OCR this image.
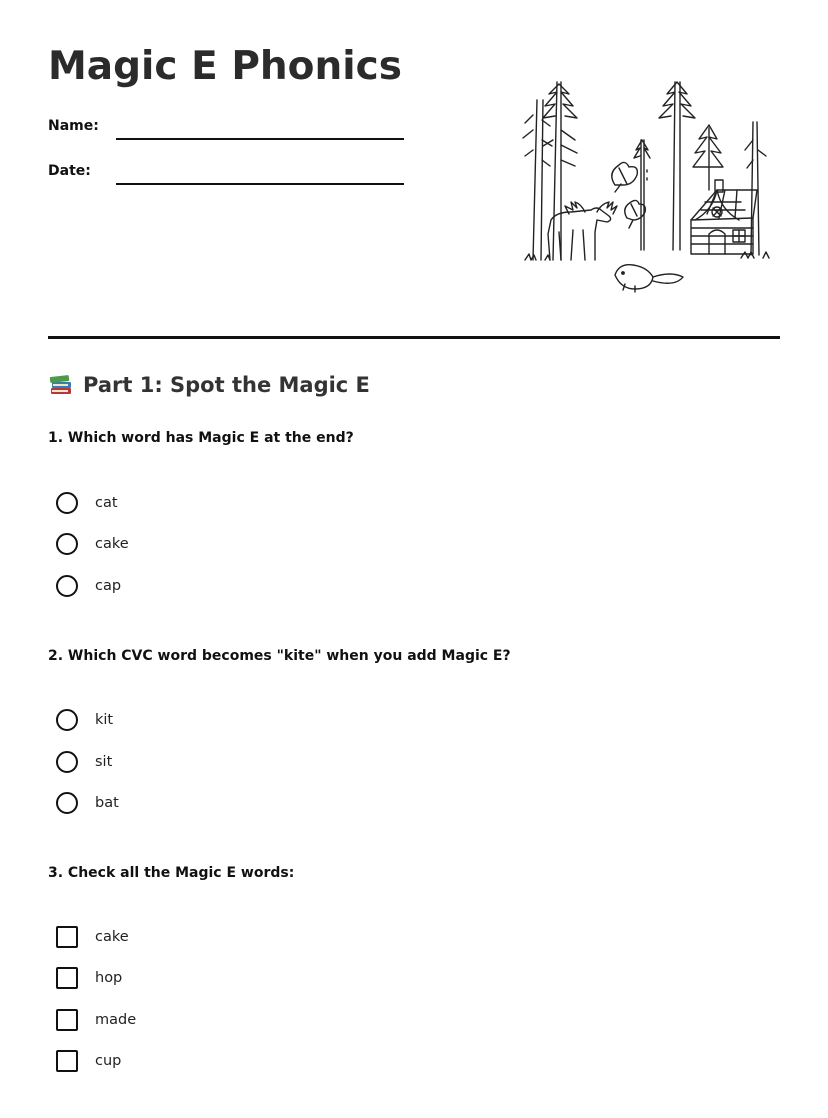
Magic E Phonics
Name:
Date:
Part 1: Spot the Magic E

1. Which word has Magic E at the end?

cat
cake
cap

2. Which CVC word becomes "kite" when you add Magic E?

kit
sit
bat

3. Check all the Magic E words:

cake
hop
made
cup
